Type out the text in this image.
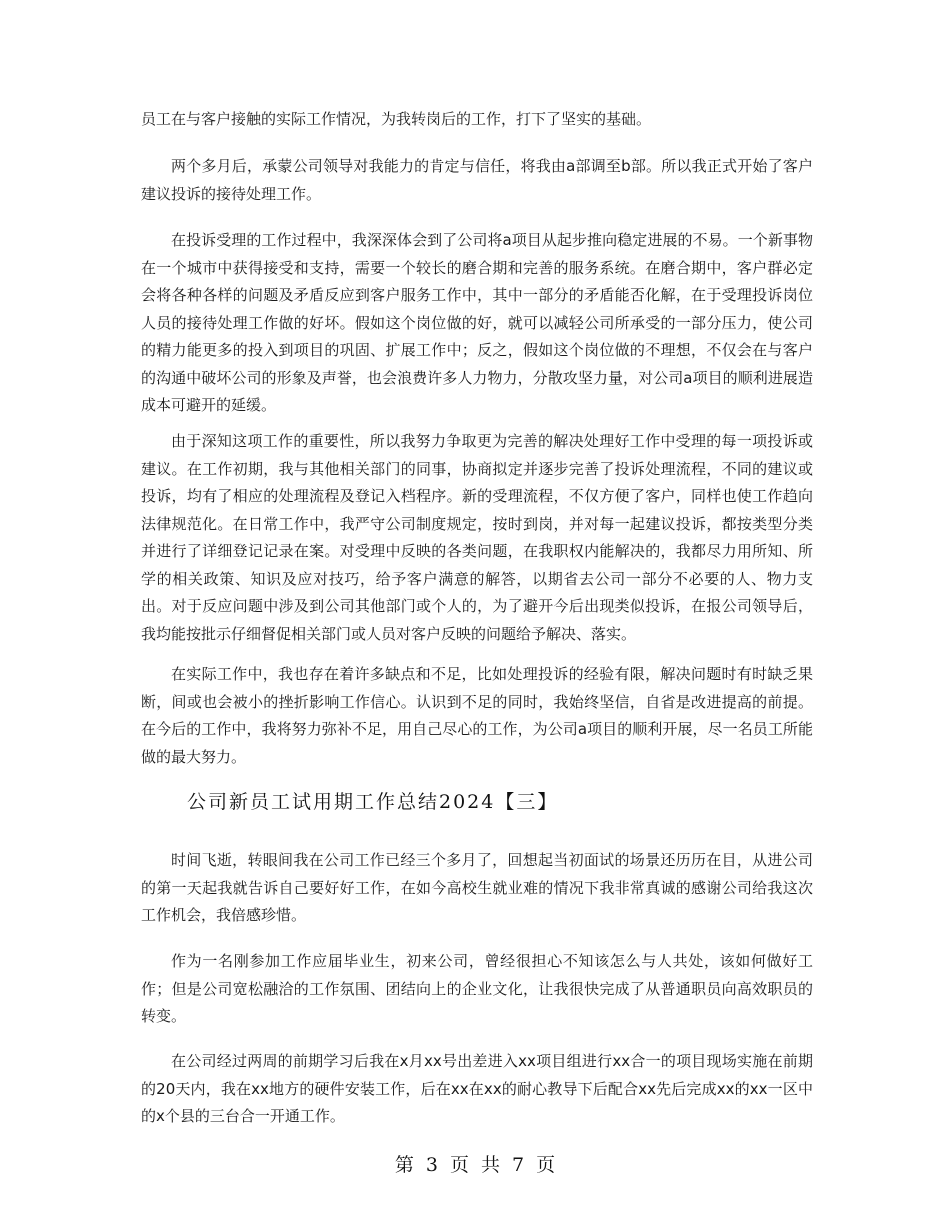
员工在与客户接触的实际工作情况，为我转岗后的工作，打下了坚实的基础。

两个多月后，承蒙公司领导对我能力的肯定与信任，将我由a部调至b部。所以我正式开始了客户建议投诉的接待处理工作。

在投诉受理的工作过程中，我深深体会到了公司将a项目从起步推向稳定进展的不易。一个新事物在一个城市中获得接受和支持，需要一个较长的磨合期和完善的服务系统。在磨合期中，客户群必定会将各种各样的问题及矛盾反应到客户服务工作中，其中一部分的矛盾能否化解，在于受理投诉岗位人员的接待处理工作做的好坏。假如这个岗位做的好，就可以减轻公司所承受的一部分压力，使公司的精力能更多的投入到项目的巩固、扩展工作中；反之，假如这个岗位做的不理想，不仅会在与客户的沟通中破坏公司的形象及声誉，也会浪费许多人力物力，分散攻坚力量，对公司a项目的顺利进展造成本可避开的延缓。

由于深知这项工作的重要性，所以我努力争取更为完善的解决处理好工作中受理的每一项投诉或建议。在工作初期，我与其他相关部门的同事，协商拟定并逐步完善了投诉处理流程，不同的建议或投诉，均有了相应的处理流程及登记入档程序。新的受理流程，不仅方便了客户，同样也使工作趋向法律规范化。在日常工作中，我严守公司制度规定，按时到岗，并对每一起建议投诉，都按类型分类并进行了详细登记记录在案。对受理中反映的各类问题，在我职权内能解决的，我都尽力用所知、所学的相关政策、知识及应对技巧，给予客户满意的解答，以期省去公司一部分不必要的人、物力支出。对于反应问题中涉及到公司其他部门或个人的，为了避开今后出现类似投诉，在报公司领导后，我均能按批示仔细督促相关部门或人员对客户反映的问题给予解决、落实。

在实际工作中，我也存在着许多缺点和不足，比如处理投诉的经验有限，解决问题时有时缺乏果断，间或也会被小的挫折影响工作信心。认识到不足的同时，我始终坚信，自省是改进提高的前提。在今后的工作中，我将努力弥补不足，用自己尽心的工作，为公司a项目的顺利开展，尽一名员工所能做的最大努力。

公司新员工试用期工作总结2024【三】

时间飞逝，转眼间我在公司工作已经三个多月了，回想起当初面试的场景还历历在目，从进公司的第一天起我就告诉自己要好好工作，在如今高校生就业难的情况下我非常真诚的感谢公司给我这次工作机会，我倍感珍惜。

作为一名刚参加工作应届毕业生，初来公司，曾经很担心不知该怎么与人共处，该如何做好工作；但是公司宽松融洽的工作氛围、团结向上的企业文化，让我很快完成了从普通职员向高效职员的转变。

在公司经过两周的前期学习后我在x月xx号出差进入xx项目组进行xx合一的项目现场实施在前期的20天内，我在xx地方的硬件安装工作，后在xx在xx的耐心教导下后配合xx先后完成xx的xx一区中的x个县的三台合一开通工作。

第 3 页 共 7 页
